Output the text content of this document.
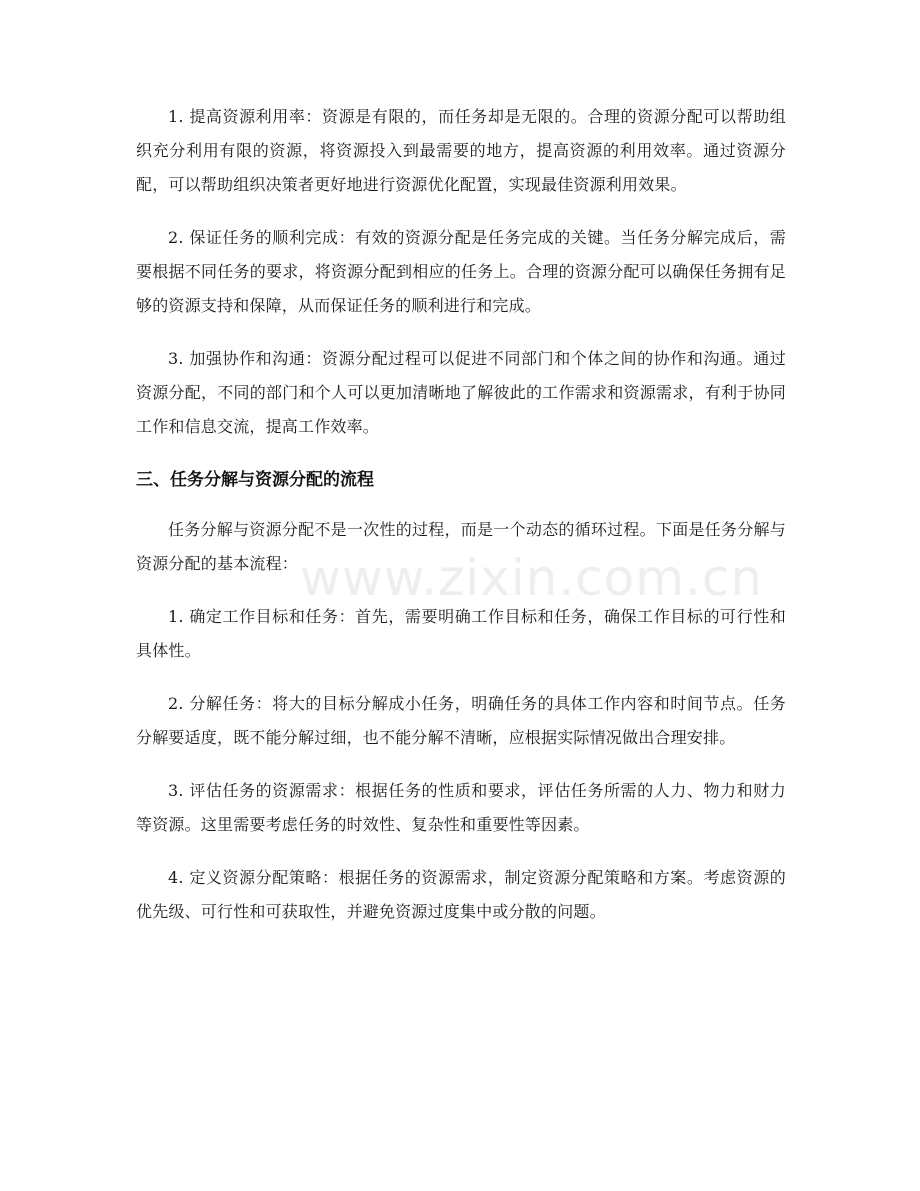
www.zixin.com.cn

1. 提高资源利用率：资源是有限的，而任务却是无限的。合理的资源分配可以帮助组织充分利用有限的资源，将资源投入到最需要的地方，提高资源的利用效率。通过资源分配，可以帮助组织决策者更好地进行资源优化配置，实现最佳资源利用效果。

2. 保证任务的顺利完成：有效的资源分配是任务完成的关键。当任务分解完成后，需要根据不同任务的要求，将资源分配到相应的任务上。合理的资源分配可以确保任务拥有足够的资源支持和保障，从而保证任务的顺利进行和完成。

3. 加强协作和沟通：资源分配过程可以促进不同部门和个体之间的协作和沟通。通过资源分配，不同的部门和个人可以更加清晰地了解彼此的工作需求和资源需求，有利于协同工作和信息交流，提高工作效率。

三、任务分解与资源分配的流程

任务分解与资源分配不是一次性的过程，而是一个动态的循环过程。下面是任务分解与资源分配的基本流程：

1. 确定工作目标和任务：首先，需要明确工作目标和任务，确保工作目标的可行性和具体性。

2. 分解任务：将大的目标分解成小任务，明确任务的具体工作内容和时间节点。任务分解要适度，既不能分解过细，也不能分解不清晰，应根据实际情况做出合理安排。

3. 评估任务的资源需求：根据任务的性质和要求，评估任务所需的人力、物力和财力等资源。这里需要考虑任务的时效性、复杂性和重要性等因素。

4. 定义资源分配策略：根据任务的资源需求，制定资源分配策略和方案。考虑资源的优先级、可行性和可获取性，并避免资源过度集中或分散的问题。
